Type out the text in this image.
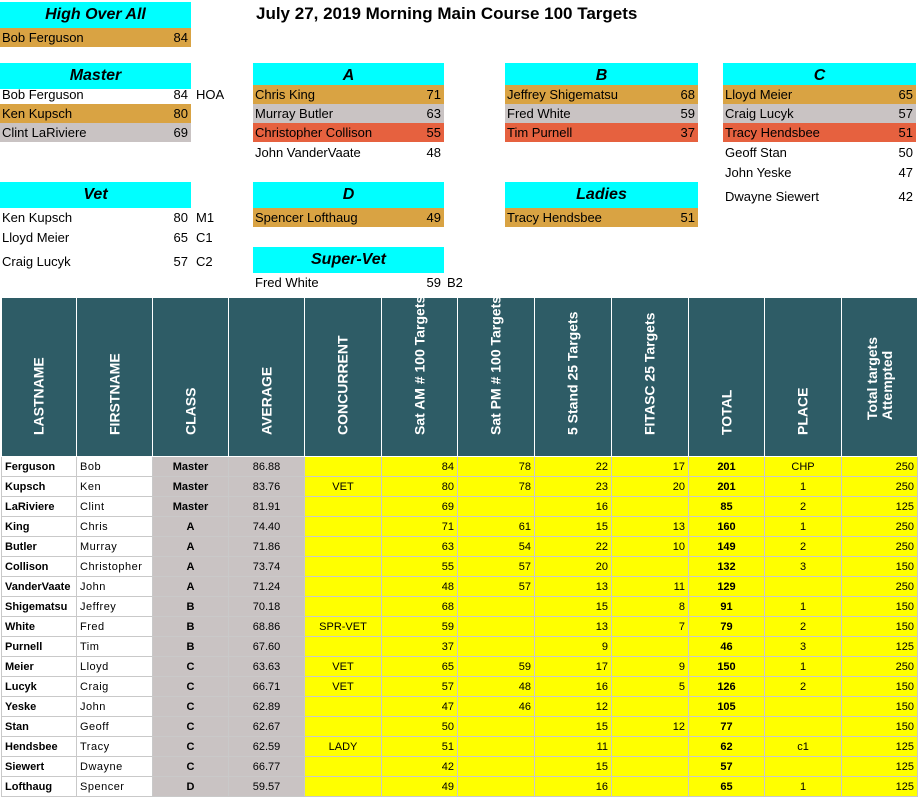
July 27, 2019 Morning Main Course 100 Targets
High Over All
Bob Ferguson	84
Master
Bob Ferguson	84 HOA
Ken Kupsch	80
Clint LaRiviere	69
Vet
Ken Kupsch	80 M1
Lloyd Meier	65 C1
Craig Lucyk	57 C2
A
Chris King	71
Murray Butler	63
Christopher Collison	55
John VanderVaate	48
D
Spencer Lofthaug	49
Super-Vet
Fred White	59 B2
B
Jeffrey Shigematsu	68
Fred White	59
Tim Purnell	37
Ladies
Tracy Hendsbee	51
C
Lloyd Meier	65
Craig Lucyk	57
Tracy Hendsbee	51
Geoff Stan	50
John Yeske	47
Dwayne Siewert	42
LASTNAME	FIRSTNAME	CLASS	AVERAGE	CONCURRENT	Sat AM # 100 Targets	Sat PM # 100 Targets	5 Stand 25 Targets	FITASC 25 Targets	TOTAL	PLACE	Total targets Attempted

Ferguson	Bob	Master	86.88		84	78	22	17	201	CHP	250
Kupsch	Ken	Master	83.76	VET	80	78	23	20	201	1	250
LaRiviere	Clint	Master	81.91		69		16		85	2	125
King	Chris	A	74.40		71	61	15	13	160	1	250
Butler	Murray	A	71.86		63	54	22	10	149	2	250
Collison	Christopher	A	73.74		55	57	20		132	3	150
VanderVaate	John	A	71.24		48	57	13	11	129		250
Shigematsu	Jeffrey	B	70.18		68		15	8	91	1	150
White	Fred	B	68.86	SPR-VET	59		13	7	79	2	150
Purnell	Tim	B	67.60		37		9		46	3	125
Meier	Lloyd	C	63.63	VET	65	59	17	9	150	1	250
Lucyk	Craig	C	66.71	VET	57	48	16	5	126	2	150
Yeske	John	C	62.89		47	46	12		105		150
Stan	Geoff	C	62.67		50		15	12	77		150
Hendsbee	Tracy	C	62.59	LADY	51		11		62	c1	125
Siewert	Dwayne	C	66.77		42		15		57		125
Lofthaug	Spencer	D	59.57		49		16		65	1	125
